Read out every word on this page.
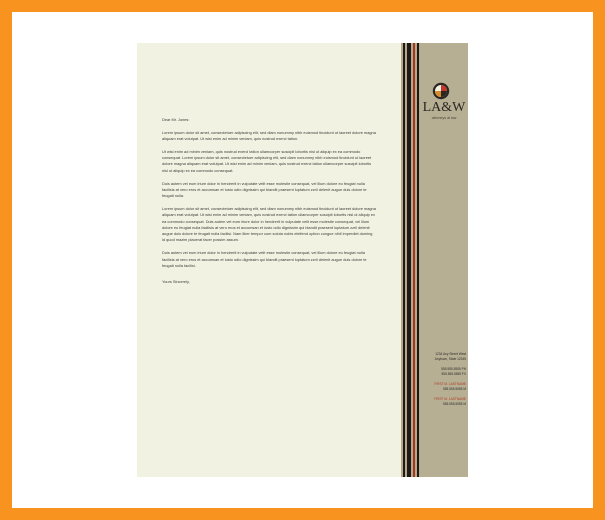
LA&W
attorneys at law

Dear Mr. Jones:

Lorem ipsum dolor sit amet, consectetuer adipiscing elit, sed diam nonummy nibh euismod tincidunt ut laoreet dolore magna aliquam erat volutpat. Ut wisi enim ad minim veniam, quis nostrud exerci tation.

Ut wisi enim ad minim veniam, quis nostrud exerci tation ullamcorper suscipit lobortis nisl ut aliquip ex ea commodo consequat. Lorem ipsum dolor sit amet, consectetuer adipiscing elit, sed diam nonummy nibh euismod tincidunt ut laoreet dolore magna aliquam erat volutpat. Ut wisi enim ad minim veniam, quis nostrud exerci tation ullamcorper suscipit lobortis nisl ut aliquip ex ea commodo consequat.

Duis autem vel eum iriure dolor in hendrerit in vulputate velit esse molestie consequat, vel illum dolore eu feugiat nulla facilisis at vero eros et accumsan et iusto odio dignissim qui blandit praesent luptatum zzril delenit augue duis dolore te feugait nulla.

Lorem ipsum dolor sit amet, consectetuer adipiscing elit, sed diam nonummy nibh euismod tincidunt ut laoreet dolore magna aliquam erat volutpat. Ut wisi enim ad minim veniam, quis nostrud exerci tation ullamcorper suscipit lobortis nisl ut aliquip ex ea commodo consequat. Duis autem vel eum iriure dolor in hendrerit in vulputate velit esse molestie consequat, vel illum dolore eu feugiat nulla facilisis at vero eros et accumsan et iusto odio dignissim qui blandit praesent luptatum zzril delenit augue duis dolore te feugait nulla facilisi. Nam liber tempor cum soluta nobis eleifend option congue nihil imperdiet doming id quod mazim placerat facer possim assum.

Duis autem vel eum iriure dolor in hendrerit in vulputate velit esse molestie consequat, vel illum dolore eu feugiat nulla facilisis at vero eros et accumsan et iusto odio dignissim qui blandit praesent luptatum zzril delenit augue duis dolore te feugait nulla facilisi.

Yours Sincerely,

1234 Any Street West
Anytown, State 12345
555.555.5555 PH
555.555.5555 FX
FIRST M. LASTNAME
555.555.5555 M
FIRST M. LASTNAME
555.555.5555 M
